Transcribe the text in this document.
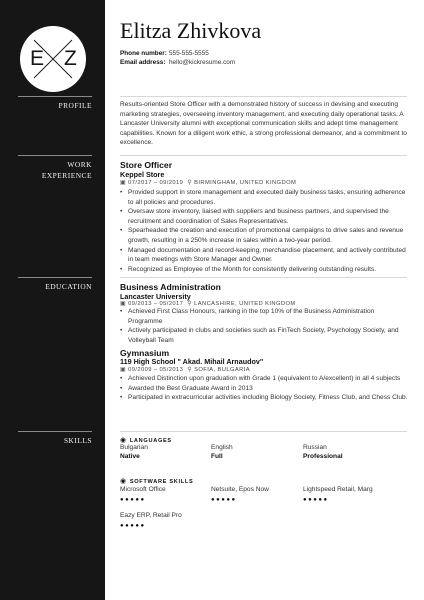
E Z
Elitza Zhivkova
Phone number: 555-555-5555
Email address: hello@kickresume.com
PROFILE	Results-oriented Store Officer with a demonstrated history of success in devising and executing marketing strategies, overseeing inventory management, and executing daily operational tasks. A Lancaster University alumni with exceptional communication skills and adept time management capabilities. Known for a diligent work ethic, a strong professional demeanor, and a commitment to excellence.
WORK
EXPERIENCE
Store Officer
Keppel Store
▣ 07/2017 – 09/2019 ⚲ BIRMINGHAM, UNITED KINGDOM
• Provided support in store management and executed daily business tasks, ensuring adherence to all policies and procedures.
• Oversaw store inventory, liaised with suppliers and business partners, and supervised the recruitment and coordination of Sales Representatives.
• Spearheaded the creation and execution of promotional campaigns to drive sales and revenue growth, resulting in a 250% increase in sales within a two-year period.
• Managed documentation and record-keeping, merchandise placement, and actively contributed in team meetings with Store Manager and Owner.
• Recognized as Employee of the Month for consistently delivering outstanding results.
EDUCATION	Business Administration
Lancaster University
▣ 09/2013 – 05/2017 ⚲ LANCASHIRE, UNITED KINGDOM
• Achieved First Class Honours, ranking in the top 10% of the Business Administration Programme
• Actively participated in clubs and societies such as FinTech Society, Psychology Society, and Volleyball Team
Gymnasium
119 High School " Akad. Mihail Arnaudov"
▣ 09/2009 – 05/2013 ⚲ SOFIA, BULGARIA
• Achieved Distinction upon graduation with Grade 1 (equivalent to A/excellent) in all 4 subjects
• Awarded the Best Graduate Award in 2013
• Participated in extracurricular activities including Biology Society, Fitness Club, and Chess Club.
SKILLS	◉ LANGUAGES
Bulgarian
Native
English
Full
Russian
Professional
◉ SOFTWARE SKILLS
Microsoft Office
●●●●●
Netsuite, Epos Now
●●●●●
Lightspeed Retail, Marg
●●●●●
Eazy ERP, Retail Pro
●●●●●
